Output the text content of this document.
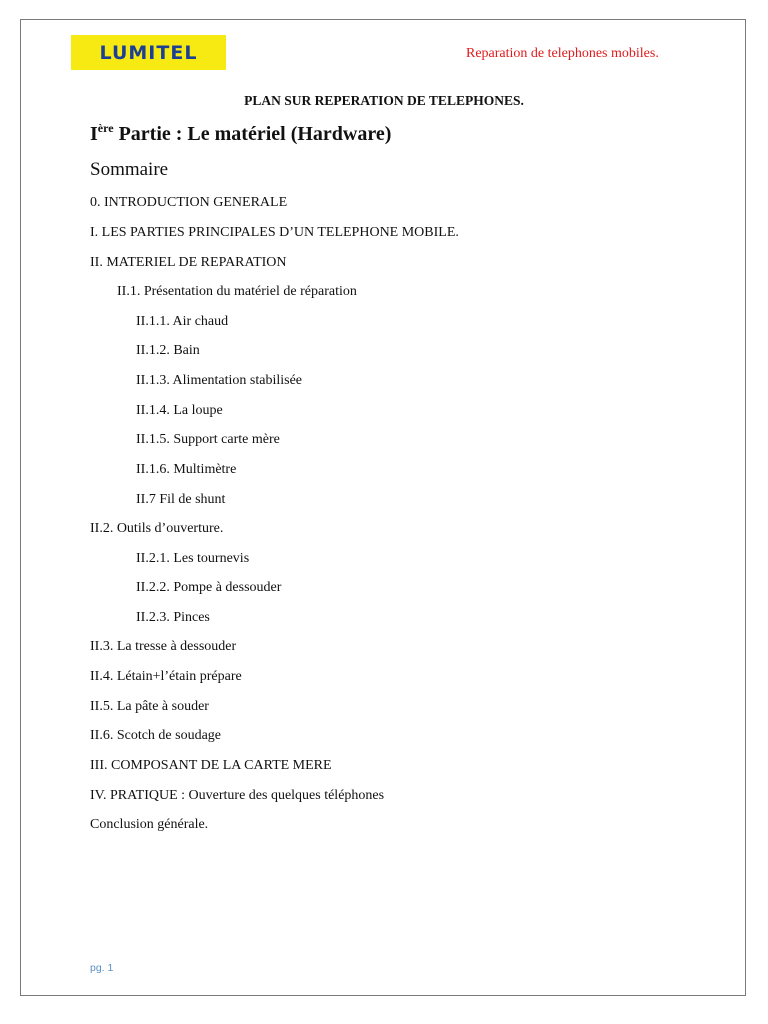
LUMITEL	Reparation de telephones mobiles.
PLAN SUR REPERATION DE TELEPHONES.
Ière Partie : Le matériel (Hardware)
Sommaire
0. INTRODUCTION GENERALE
I. LES PARTIES PRINCIPALES D’UN TELEPHONE MOBILE.
II. MATERIEL DE REPARATION
II.1. Présentation du matériel de réparation
II.1.1. Air chaud
II.1.2. Bain
II.1.3. Alimentation stabilisée
II.1.4. La loupe
II.1.5. Support carte mère
II.1.6. Multimètre
II.7 Fil de shunt
II.2. Outils d’ouverture.
II.2.1. Les tournevis
II.2.2. Pompe à dessouder
II.2.3. Pinces
II.3. La tresse à dessouder
II.4. Létain+l’étain prépare
II.5. La pâte à souder
II.6. Scotch de soudage
III. COMPOSANT DE LA CARTE MERE
IV. PRATIQUE : Ouverture des quelques téléphones
Conclusion générale.
pg. 1
